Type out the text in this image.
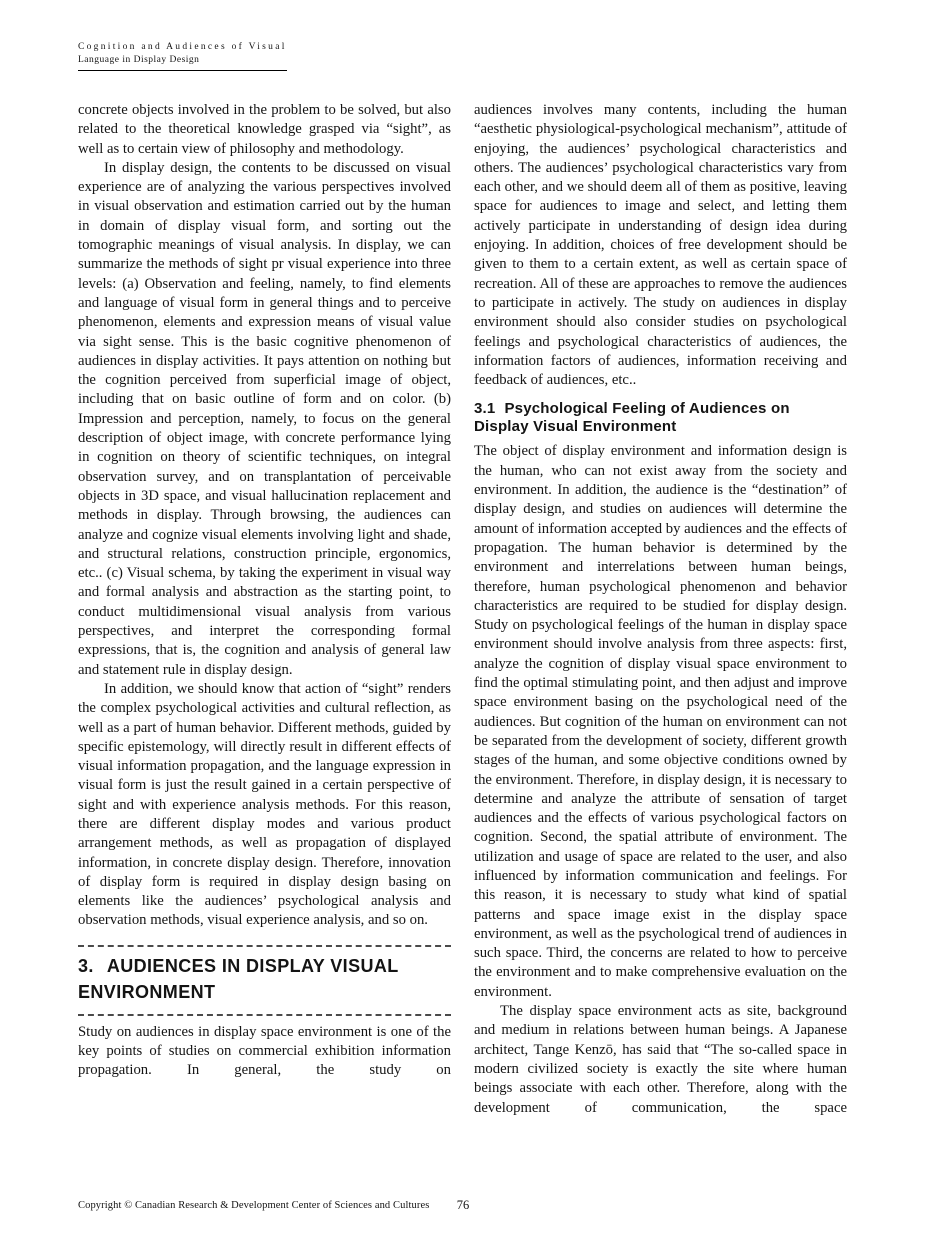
Cognition and Audiences of Visual
Language in Display Design

concrete objects involved in the problem to be solved, but also related to the theoretical knowledge grasped via “sight”, as well as to certain view of philosophy and methodology.

In display design, the contents to be discussed on visual experience are of analyzing the various perspectives involved in visual observation and estimation carried out by the human in domain of display visual form, and sorting out the tomographic meanings of visual analysis. In display, we can summarize the methods of sight pr visual experience into three levels: (a) Observation and feeling, namely, to find elements and language of visual form in general things and to perceive phenomenon, elements and expression means of visual value via sight sense. This is the basic cognitive phenomenon of audiences in display activities. It pays attention on nothing but the cognition perceived from superficial image of object, including that on basic outline of form and on color. (b) Impression and perception, namely, to focus on the general description of object image, with concrete performance lying in cognition on theory of scientific techniques, on integral observation survey, and on transplantation of perceivable objects in 3D space, and visual hallucination replacement and methods in display. Through browsing, the audiences can analyze and cognize visual elements involving light and shade, and structural relations, construction principle, ergonomics, etc.. (c) Visual schema, by taking the experiment in visual way and formal analysis and abstraction as the starting point, to conduct multidimensional visual analysis from various perspectives, and interpret the corresponding formal expressions, that is, the cognition and analysis of general law and statement rule in display design.

In addition, we should know that action of “sight” renders the complex psychological activities and cultural reflection, as well as a part of human behavior. Different methods, guided by specific epistemology, will directly result in different effects of visual information propagation, and the language expression in visual form is just the result gained in a certain perspective of sight and with experience analysis methods. For this reason, there are different display modes and various product arrangement methods, as well as propagation of displayed information, in concrete display design. Therefore, innovation of display form is required in display design basing on elements like the audiences’ psychological analysis and observation methods, visual experience analysis, and so on.

3. AUDIENCES IN DISPLAY VISUAL ENVIRONMENT

Study on audiences in display space environment is one of the key points of studies on commercial exhibition information propagation. In general, the study on

audiences involves many contents, including the human “aesthetic physiological-psychological mechanism”, attitude of enjoying, the audiences’ psychological characteristics and others. The audiences’ psychological characteristics vary from each other, and we should deem all of them as positive, leaving space for audiences to image and select, and letting them actively participate in understanding of design idea during enjoying. In addition, choices of free development should be given to them to a certain extent, as well as certain space of recreation. All of these are approaches to remove the audiences to participate in actively. The study on audiences in display environment should also consider studies on psychological feelings and psychological characteristics of audiences, the information factors of audiences, information receiving and feedback of audiences, etc..

3.1 Psychological Feeling of Audiences on Display Visual Environment

The object of display environment and information design is the human, who can not exist away from the society and environment. In addition, the audience is the “destination” of display design, and studies on audiences will determine the amount of information accepted by audiences and the effects of propagation. The human behavior is determined by the environment and interrelations between human beings, therefore, human psychological phenomenon and behavior characteristics are required to be studied for display design. Study on psychological feelings of the human in display space environment should involve analysis from three aspects: first, analyze the cognition of display visual space environment to find the optimal stimulating point, and then adjust and improve space environment basing on the psychological need of the audiences. But cognition of the human on environment can not be separated from the development of society, different growth stages of the human, and some objective conditions owned by the environment. Therefore, in display design, it is necessary to determine and analyze the attribute of sensation of target audiences and the effects of various psychological factors on cognition. Second, the spatial attribute of environment. The utilization and usage of space are related to the user, and also influenced by information communication and feelings. For this reason, it is necessary to study what kind of spatial patterns and space image exist in the display space environment, as well as the psychological trend of audiences in such space. Third, the concerns are related to how to perceive the environment and to make comprehensive evaluation on the environment.

The display space environment acts as site, background and medium in relations between human beings. A Japanese architect, Tange Kenzō, has said that “The so-called space in modern civilized society is exactly the site where human beings associate with each other. Therefore, along with the development of communication, the space

Copyright © Canadian Research & Development Center of Sciences and Cultures 76
